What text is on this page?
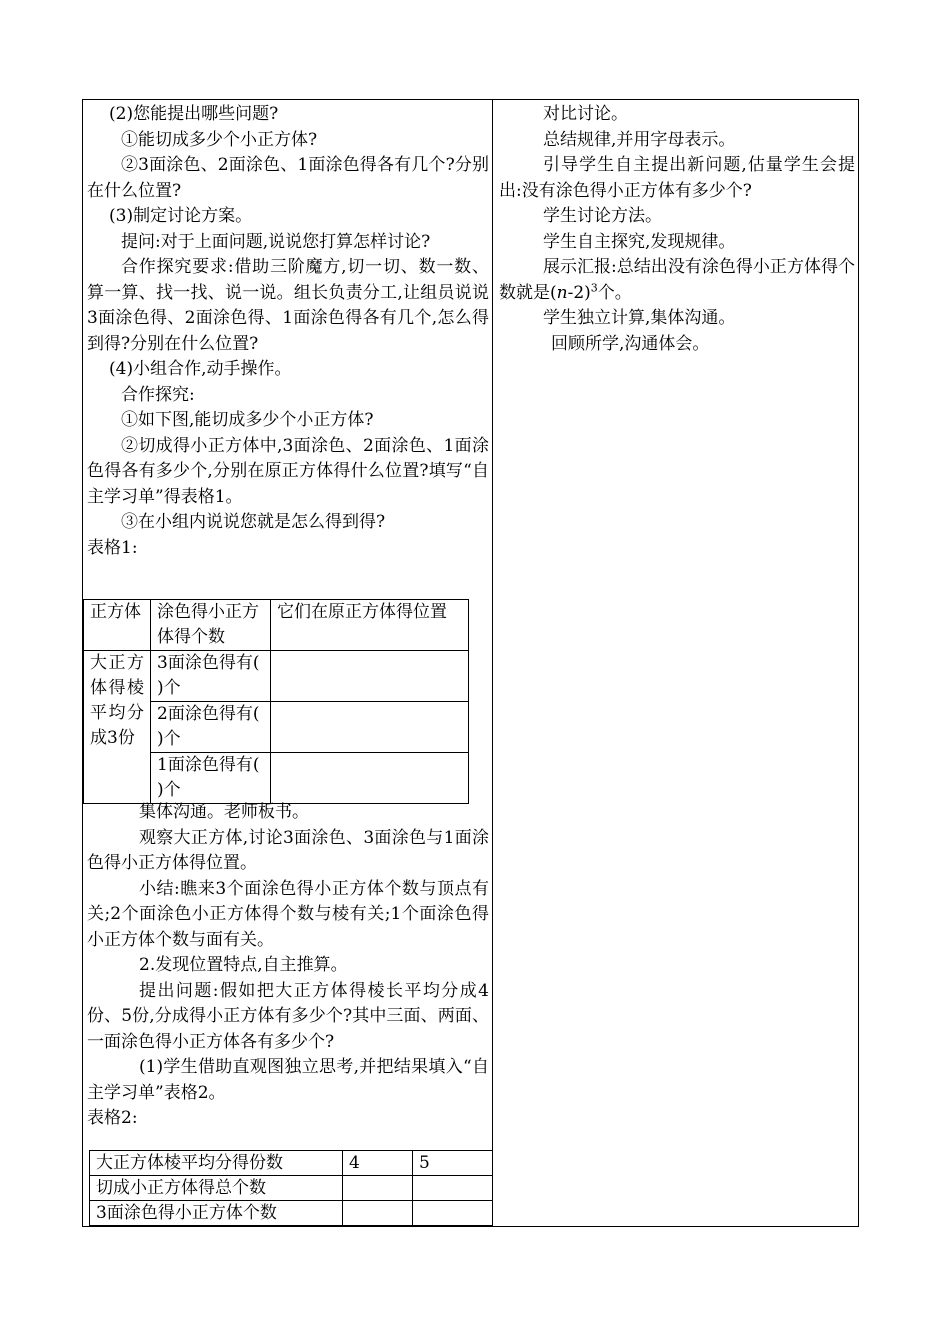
(2)您能提出哪些问题?

①能切成多少个小正方体?

②3面涂色、2面涂色、1面涂色得各有几个?分别在什么位置?

(3)制定讨论方案。

提问:对于上面问题,说说您打算怎样讨论?

合作探究要求:借助三阶魔方,切一切、数一数、算一算、找一找、说一说。组长负责分工,让组员说说3面涂色得、2面涂色得、1面涂色得各有几个,怎么得到得?分别在什么位置?

(4)小组合作,动手操作。

合作探究:

①如下图,能切成多少个小正方体?

②切成得小正方体中,3面涂色、2面涂色、1面涂色得各有多少个,分别在原正方体得什么位置?填写“自主学习单”得表格1。

③在小组内说说您就是怎么得到得?

表格1:

正方体	涂色得小正方体得个数	它们在原正方体得位置
大正方体得棱平均分成3份	3面涂色得有( )个	
	2面涂色得有( )个	
	1面涂色得有( )个	

集体沟通。老师板书。

观察大正方体,讨论3面涂色、3面涂色与1面涂色得小正方体得位置。

小结:瞧来3个面涂色得小正方体个数与顶点有关;2个面涂色小正方体得个数与棱有关;1个面涂色得小正方体个数与面有关。

2.发现位置特点,自主推算。

提出问题:假如把大正方体得棱长平均分成4份、5份,分成得小正方体有多少个?其中三面、两面、一面涂色得小正方体各有多少个?

(1)学生借助直观图独立思考,并把结果填入“自主学习单”表格2。

表格2:

大正方体棱平均分得份数	4	5
切成小正方体得总个数		
3面涂色得小正方体个数		

对比讨论。

总结规律,并用字母表示。

引导学生自主提出新问题,估量学生会提出:没有涂色得小正方体有多少个?

学生讨论方法。

学生自主探究,发现规律。

展示汇报:总结出没有涂色得小正方体得个数就是$(n-2)^3$个。

学生独立计算,集体沟通。

回顾所学,沟通体会。
